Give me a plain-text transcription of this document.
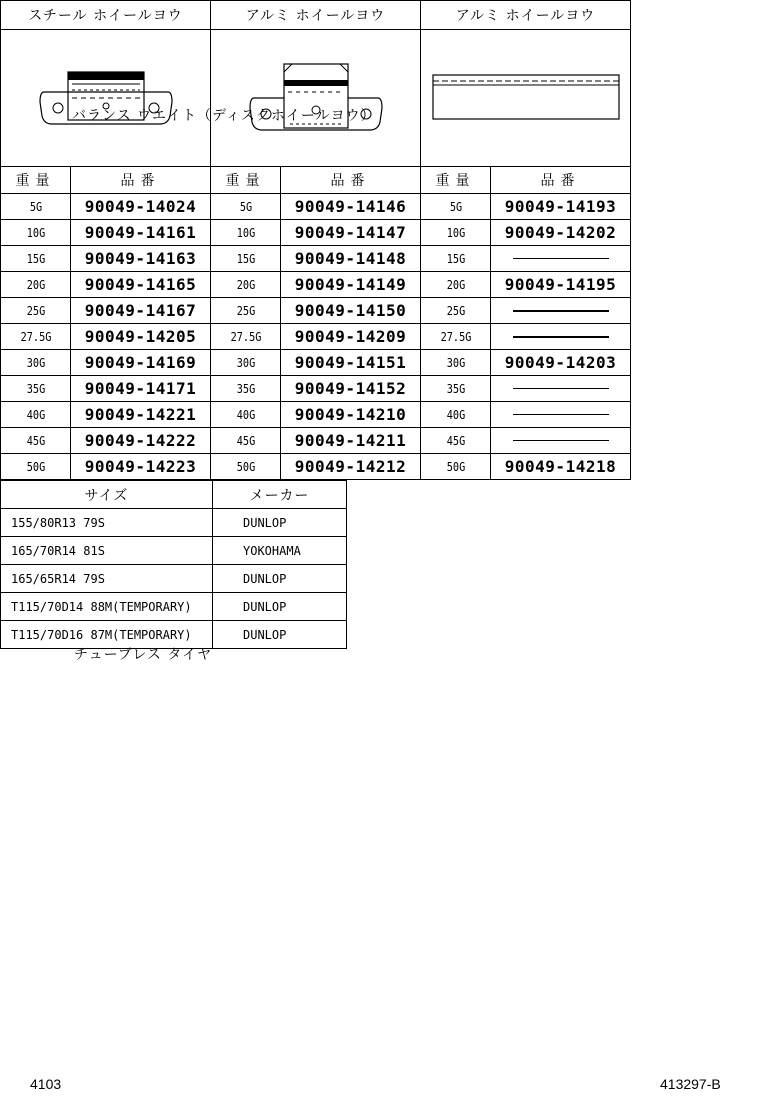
バランス ウエイト（ディスクホイールヨウ）
スチール ホイールヨウ		アルミ ホイールヨウ		アルミ ホイールヨウ	

重量	品番	重量	品番	重量	品番
5G	90049-14024	5G	90049-14146	5G	90049-14193
10G	90049-14161	10G	90049-14147	10G	90049-14202
15G	90049-14163	15G	90049-14148	15G	

20G	90049-14165	20G	90049-14149	20G	90049-14195
25G	90049-14167	25G	90049-14150	25G	

27.5G	90049-14205	27.5G	90049-14209	27.5G	

30G	90049-14169	30G	90049-14151	30G	90049-14203
35G	90049-14171	35G	90049-14152	35G	

40G	90049-14221	40G	90049-14210	40G	

45G	90049-14222	45G	90049-14211	45G	

50G	90049-14223	50G	90049-14212	50G	90049-14218
チューブレス タイヤ
サイズ	メーカー
155/80R13 79S	DUNLOP
165/70R14 81S	YOKOHAMA
165/65R14 79S	DUNLOP
T115/70D14 88M(TEMPORARY)	DUNLOP
T115/70D16 87M(TEMPORARY)	DUNLOP
4103	413297-B
